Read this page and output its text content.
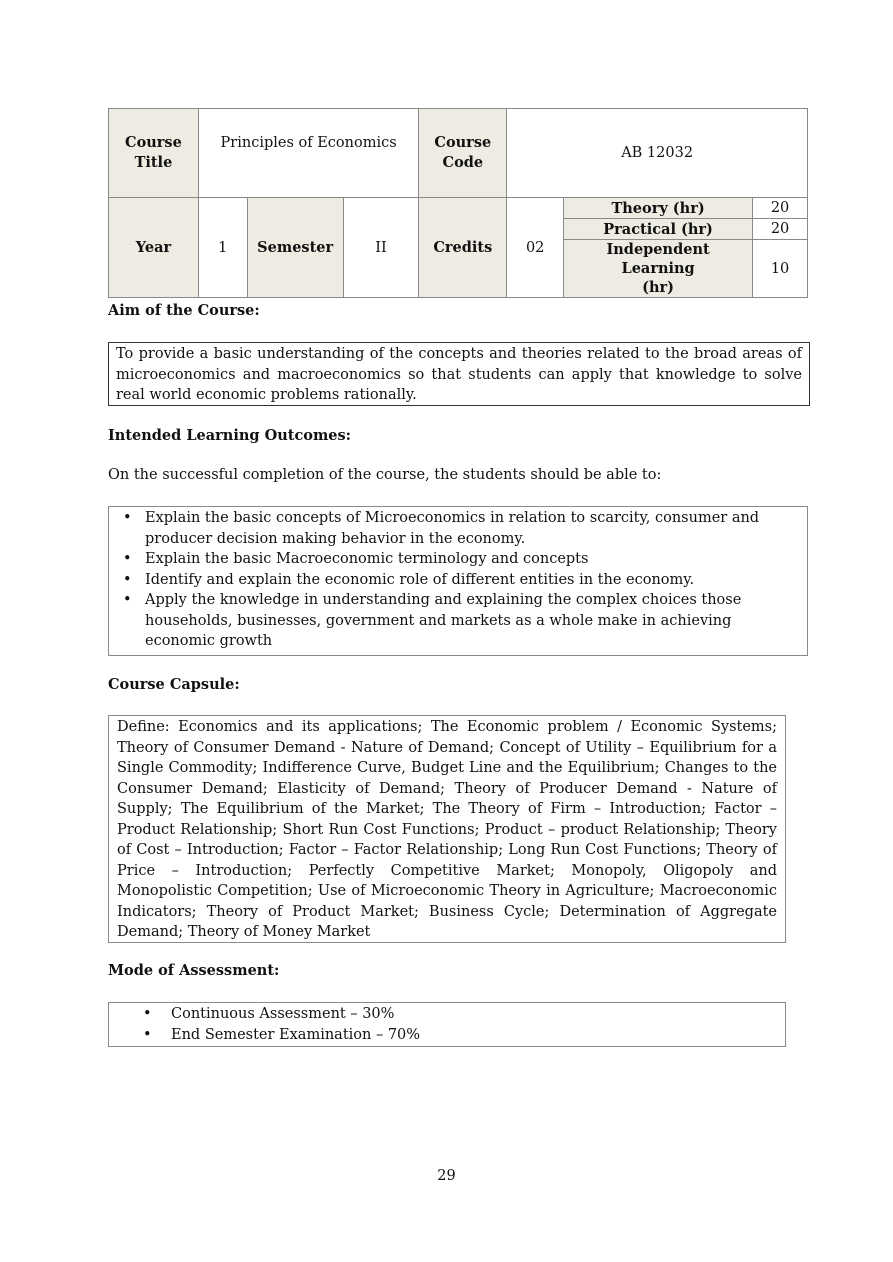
Course Title	Principles of Economics			Course Code	AB 12032		
Year	1	Semester	II	Credits	02	Theory (hr)	20
						Practical (hr)	20
						Independent Learning (hr)	10
Aim of the Course:
To provide a basic understanding of the concepts and theories related to the broad areas of microeconomics and macroeconomics so that students can apply that knowledge to solve real world economic problems rationally.
Intended Learning Outcomes:
On the successful completion of the course, the students should be able to:
• Explain the basic concepts of Microeconomics in relation to scarcity, consumer and producer decision making behavior in the economy.
• Explain the basic Macroeconomic terminology and concepts
• Identify and explain the economic role of different entities in the economy.
• Apply the knowledge in understanding and explaining the complex choices those households, businesses, government and markets as a whole make in achieving economic growth
Course Capsule:
Define: Economics and its applications; The Economic problem / Economic Systems; Theory of Consumer Demand - Nature of Demand; Concept of Utility – Equilibrium for a Single Commodity; Indifference Curve, Budget Line and the Equilibrium; Changes to the Consumer Demand; Elasticity of Demand; Theory of Producer Demand - Nature of Supply; The Equilibrium of the Market; The Theory of Firm – Introduction; Factor – Product Relationship; Short Run Cost Functions; Product – product Relationship; Theory of Cost – Introduction; Factor – Factor Relationship; Long Run Cost Functions; Theory of Price – Introduction; Perfectly Competitive Market; Monopoly, Oligopoly and Monopolistic Competition; Use of Microeconomic Theory in Agriculture; Macroeconomic Indicators; Theory of Product Market; Business Cycle; Determination of Aggregate Demand; Theory of Money Market
Mode of Assessment:
•	Continuous Assessment – 30%
•	End Semester Examination – 70%
29
